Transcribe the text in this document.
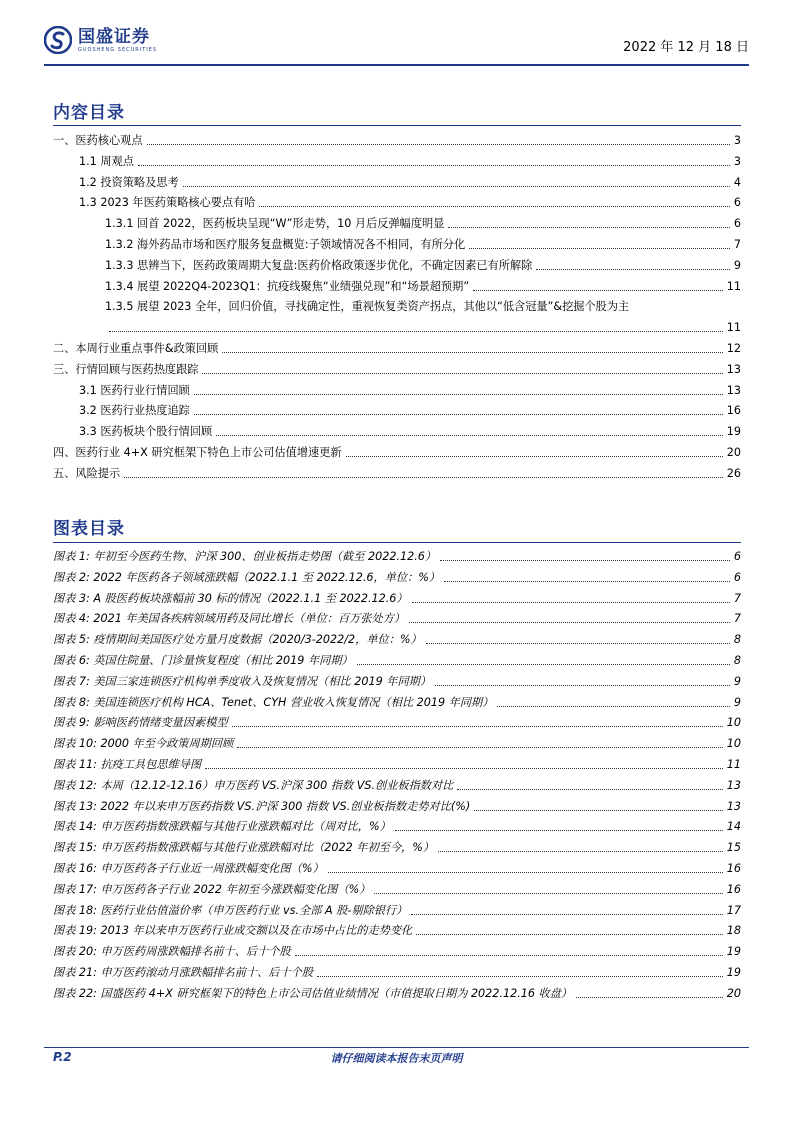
国盛证券
GUOSHENG SECURITIES	2022 年 12 月 18 日
内容目录
一、医药核心观点	3
1.1 周观点	3
1.2 投资策略及思考	4
1.3 2023 年医药策略核心要点有哈	6
1.3.1 回首 2022，医药板块呈现“W”形走势，10 月后反弹幅度明显	6
1.3.2 海外药品市场和医疗服务复盘概览:子领域情况各不相同，有所分化	7
1.3.3 思辨当下，医药政策周期大复盘:医药价格政策逐步优化，不确定因素已有所解除	9
1.3.4 展望 2022Q4-2023Q1：抗疫线聚焦“业绩强兑现”和“场景超预期”	11
1.3.5 展望 2023 全年，回归价值，寻找确定性，重视恢复类资产拐点，其他以“低含冠量”&挖掘个股为主
11
二、本周行业重点事件&政策回顾	12
三、行情回顾与医药热度跟踪	13
3.1 医药行业行情回顾	13
3.2 医药行业热度追踪	16
3.3 医药板块个股行情回顾	19
四、医药行业 4+X 研究框架下特色上市公司估值增速更新	20
五、风险提示	26
图表目录
图表 1: 年初至今医药生物、沪深 300、创业板指走势图（截至 2022.12.6）	6
图表 2: 2022 年医药各子领域涨跌幅（2022.1.1 至 2022.12.6，单位：%）	6
图表 3: A 股医药板块涨幅前 30 标的情况（2022.1.1 至 2022.12.6）	7
图表 4: 2021 年美国各疾病领域用药及同比增长（单位：百万张处方）	7
图表 5: 疫情期间美国医疗处方量月度数据（2020/3-2022/2，单位：%）	8
图表 6: 英国住院量、门诊量恢复程度（相比 2019 年同期）	8
图表 7: 美国三家连锁医疗机构单季度收入及恢复情况（相比 2019 年同期）	9
图表 8: 美国连锁医疗机构 HCA、Tenet、CYH 营业收入恢复情况（相比 2019 年同期）	9
图表 9: 影响医药情绪变量因素模型	10
图表 10: 2000 年至今政策周期回顾	10
图表 11: 抗疫工具包思维导图	11
图表 12: 本周（12.12-12.16）申万医药 VS.沪深 300 指数 VS.创业板指数对比	13
图表 13: 2022 年以来申万医药指数 VS.沪深 300 指数 VS.创业板指数走势对比(%)	13
图表 14: 申万医药指数涨跌幅与其他行业涨跌幅对比（周对比，%）	14
图表 15: 申万医药指数涨跌幅与其他行业涨跌幅对比（2022 年初至今，%）	15
图表 16: 申万医药各子行业近一周涨跌幅变化图（%）	16
图表 17: 申万医药各子行业 2022 年初至今涨跌幅变化图（%）	16
图表 18: 医药行业估值溢价率（申万医药行业 vs.全部 A 股-剔除银行）	17
图表 19: 2013 年以来申万医药行业成交额以及在市场中占比的走势变化	18
图表 20: 申万医药周涨跌幅排名前十、后十个股	19
图表 21: 申万医药滚动月涨跌幅排名前十、后十个股	19
图表 22: 国盛医药 4+X 研究框架下的特色上市公司估值业绩情况（市值提取日期为 2022.12.16 收盘）	20
P.2	请仔细阅读本报告末页声明
